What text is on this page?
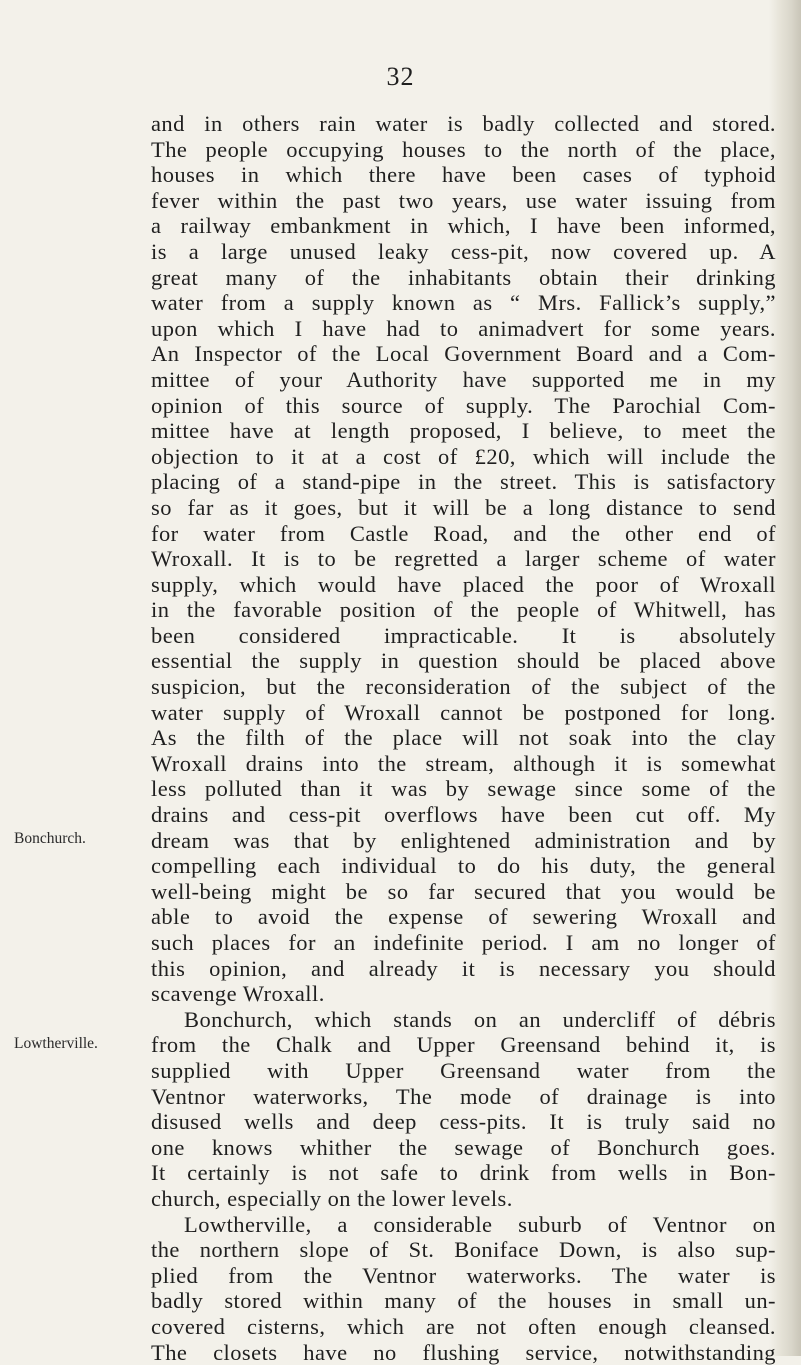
32
Bonchurch.
Lowtherville.
and in others rain water is badly collected and stored.
The people occupying houses to the north of the place,
houses in which there have been cases of typhoid
fever within the past two years, use water issuing from
a railway embankment in which, I have been informed,
is a large unused leaky cess-pit, now covered up. A
great many of the inhabitants obtain their drinking
water from a supply known as “ Mrs. Fallick’s supply,”
upon which I have had to animadvert for some years.
An Inspector of the Local Government Board and a Com-
mittee of your Authority have supported me in my
opinion of this source of supply. The Parochial Com-
mittee have at length proposed, I believe, to meet the
objection to it at a cost of £20, which will include the
placing of a stand-pipe in the street. This is satisfactory
so far as it goes, but it will be a long distance to send
for water from Castle Road, and the other end of
Wroxall. It is to be regretted a larger scheme of water
supply, which would have placed the poor of Wroxall
in the favorable position of the people of Whitwell, has
been considered impracticable. It is absolutely
essential the supply in question should be placed above
suspicion, but the reconsideration of the subject of the
water supply of Wroxall cannot be postponed for long.
As the filth of the place will not soak into the clay
Wroxall drains into the stream, although it is somewhat
less polluted than it was by sewage since some of the
drains and cess-pit overflows have been cut off. My
dream was that by enlightened administration and by
compelling each individual to do his duty, the general
well-being might be so far secured that you would be
able to avoid the expense of sewering Wroxall and
such places for an indefinite period. I am no longer of
this opinion, and already it is necessary you should
scavenge Wroxall.
Bonchurch, which stands on an undercliff of débris
from the Chalk and Upper Greensand behind it, is
supplied with Upper Greensand water from the
Ventnor waterworks, The mode of drainage is into
disused wells and deep cess-pits. It is truly said no
one knows whither the sewage of Bonchurch goes.
It certainly is not safe to drink from wells in Bon-
church, especially on the lower levels.
Lowtherville, a considerable suburb of Ventnor on
the northern slope of St. Boniface Down, is also sup-
plied from the Ventnor waterworks. The water is
badly stored within many of the houses in small un-
covered cisterns, which are not often enough cleansed.
The closets have no flushing service, notwithstanding
